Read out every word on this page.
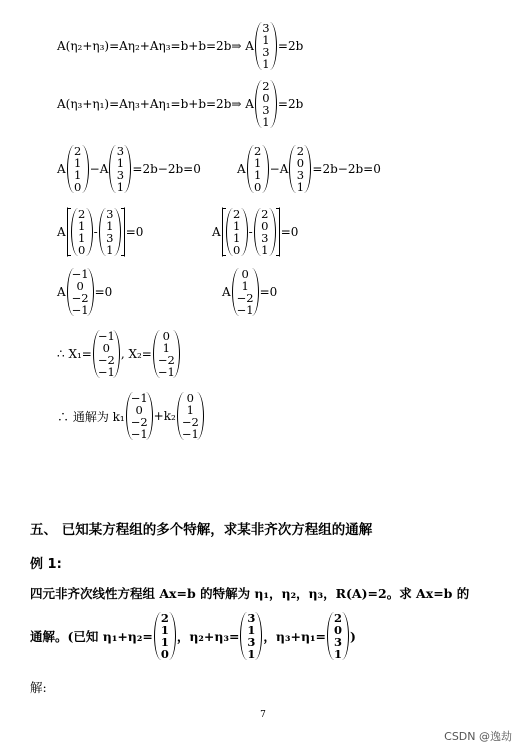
A(η₂+η₃)=Aη₂+Aη₃=b+b=2b⇒ A
3
1
3
1
=2b
A(η₃+η₁)=Aη₃+Aη₁=b+b=2b⇒ A
2
0
3
1
=2b
A
2
1
1
0
−A
3
1
3
1
=2b−2b=0	A
2
1
1
0
−A
2
0
3
1
=2b−2b=0
A
2
1
1
0
-
3
1
3
1
=0	A
2
1
1
0
-
2
0
3
1
=0
A
−1
0
−2
−1
=0	A
0
1
−2
−1
=0
∴ X₁=
−1
0
−2
−1
, X₂=
0
1
−2
−1
∴ 通解为 k₁
−1
0
−2
−1
+k₂
0
1
−2
−1
五、 已知某方程组的多个特解，求某非齐次方程组的通解
例 1:
四元非齐次线性方程组 Ax=b 的特解为 η₁，η₂，η₃，R(A)=2。求 Ax=b 的
通解。(已知 η₁+η₂=
2
1
1
0
，η₂+η₃=
3
1
3
1
，η₃+η₁=
2
0
3
1
)
解:
7
CSDN @逸劫
